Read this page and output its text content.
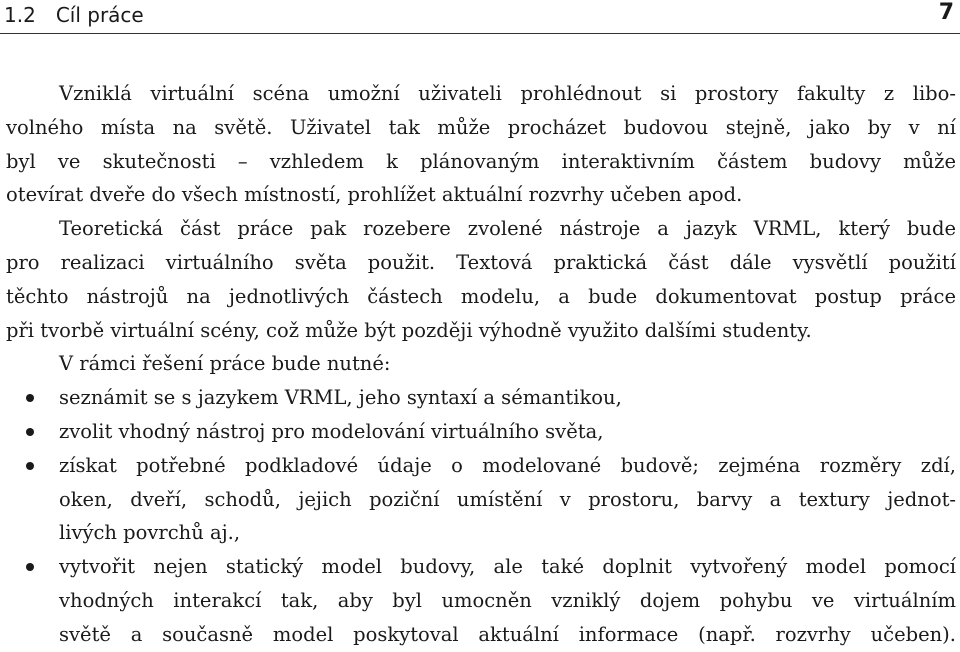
1.2 Cíl práce	7
Vzniklá virtuální scéna umožní uživateli prohlédnout si prostory fakulty z libo-
volného místa na světě. Uživatel tak může procházet budovou stejně, jako by v ní
byl ve skutečnosti – vzhledem k plánovaným interaktivním částem budovy může
otevírat dveře do všech místností, prohlížet aktuální rozvrhy učeben apod.
Teoretická část práce pak rozebere zvolené nástroje a jazyk VRML, který bude
pro realizaci virtuálního světa použit. Textová praktická část dále vysvětlí použití
těchto nástrojů na jednotlivých částech modelu, a bude dokumentovat postup práce
při tvorbě virtuální scény, což může být později výhodně využito dalšími studenty.
V rámci řešení práce bude nutné:
seznámit se s jazykem VRML, jeho syntaxí a sémantikou,
zvolit vhodný nástroj pro modelování virtuálního světa,
získat potřebné podkladové údaje o modelované budově; zejména rozměry zdí,
oken, dveří, schodů, jejich poziční umístění v prostoru, barvy a textury jednot-
livých povrchů aj.,
vytvořit nejen statický model budovy, ale také doplnit vytvořený model pomocí
vhodných interakcí tak, aby byl umocněn vzniklý dojem pohybu ve virtuálním
světě a současně model poskytoval aktuální informace (např. rozvrhy učeben).
